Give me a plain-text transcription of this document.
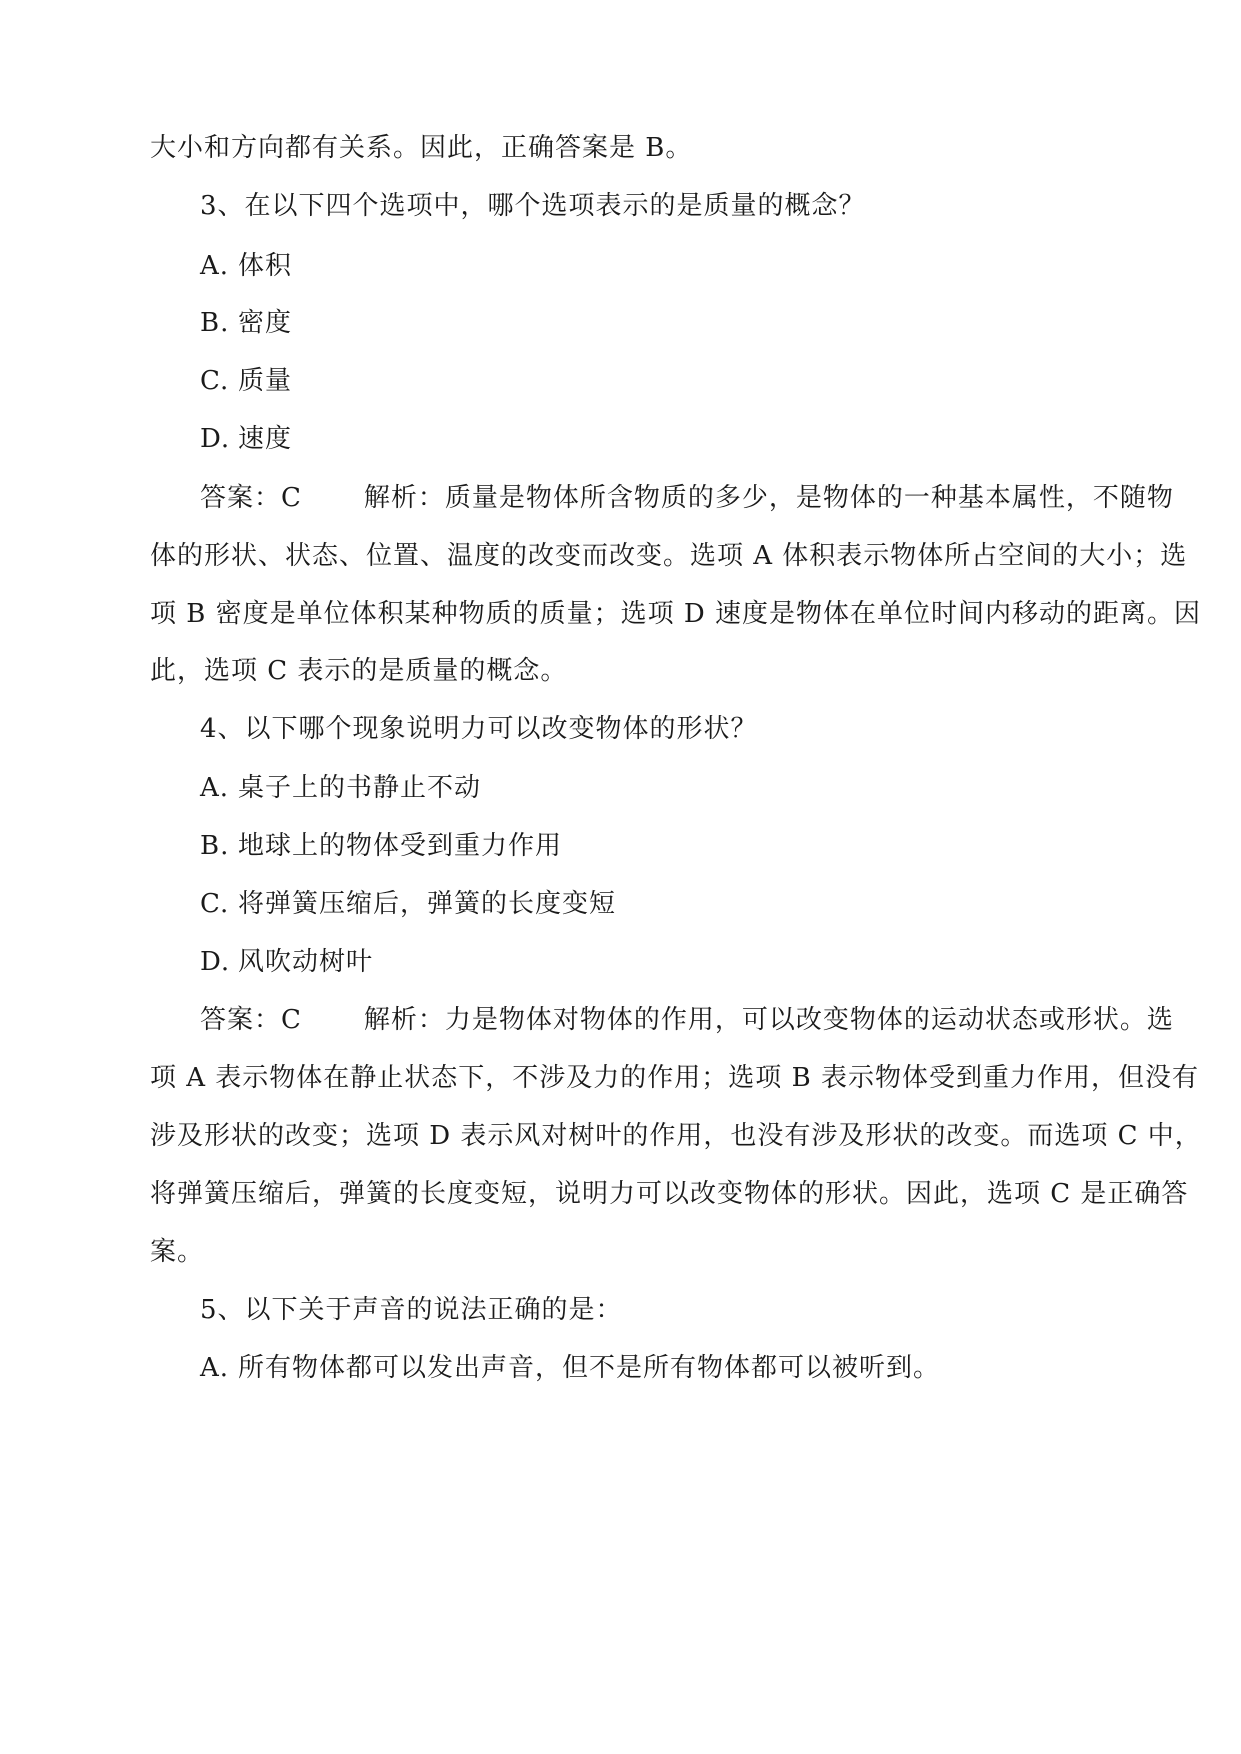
大小和方向都有关系。因此，正确答案是 B。
3、在以下四个选项中，哪个选项表示的是质量的概念？
A. 体积
B. 密度
C. 质量
D. 速度
答案：C 解析：质量是物体所含物质的多少，是物体的一种基本属性，不随物
体的形状、状态、位置、温度的改变而改变。选项 A 体积表示物体所占空间的大小；选
项 B 密度是单位体积某种物质的质量；选项 D 速度是物体在单位时间内移动的距离。因
此，选项 C 表示的是质量的概念。
4、以下哪个现象说明力可以改变物体的形状？
A. 桌子上的书静止不动
B. 地球上的物体受到重力作用
C. 将弹簧压缩后，弹簧的长度变短
D. 风吹动树叶
答案：C 解析：力是物体对物体的作用，可以改变物体的运动状态或形状。选
项 A 表示物体在静止状态下，不涉及力的作用；选项 B 表示物体受到重力作用，但没有
涉及形状的改变；选项 D 表示风对树叶的作用，也没有涉及形状的改变。而选项 C 中，
将弹簧压缩后，弹簧的长度变短，说明力可以改变物体的形状。因此，选项 C 是正确答
案。
5、以下关于声音的说法正确的是：
A. 所有物体都可以发出声音，但不是所有物体都可以被听到。
